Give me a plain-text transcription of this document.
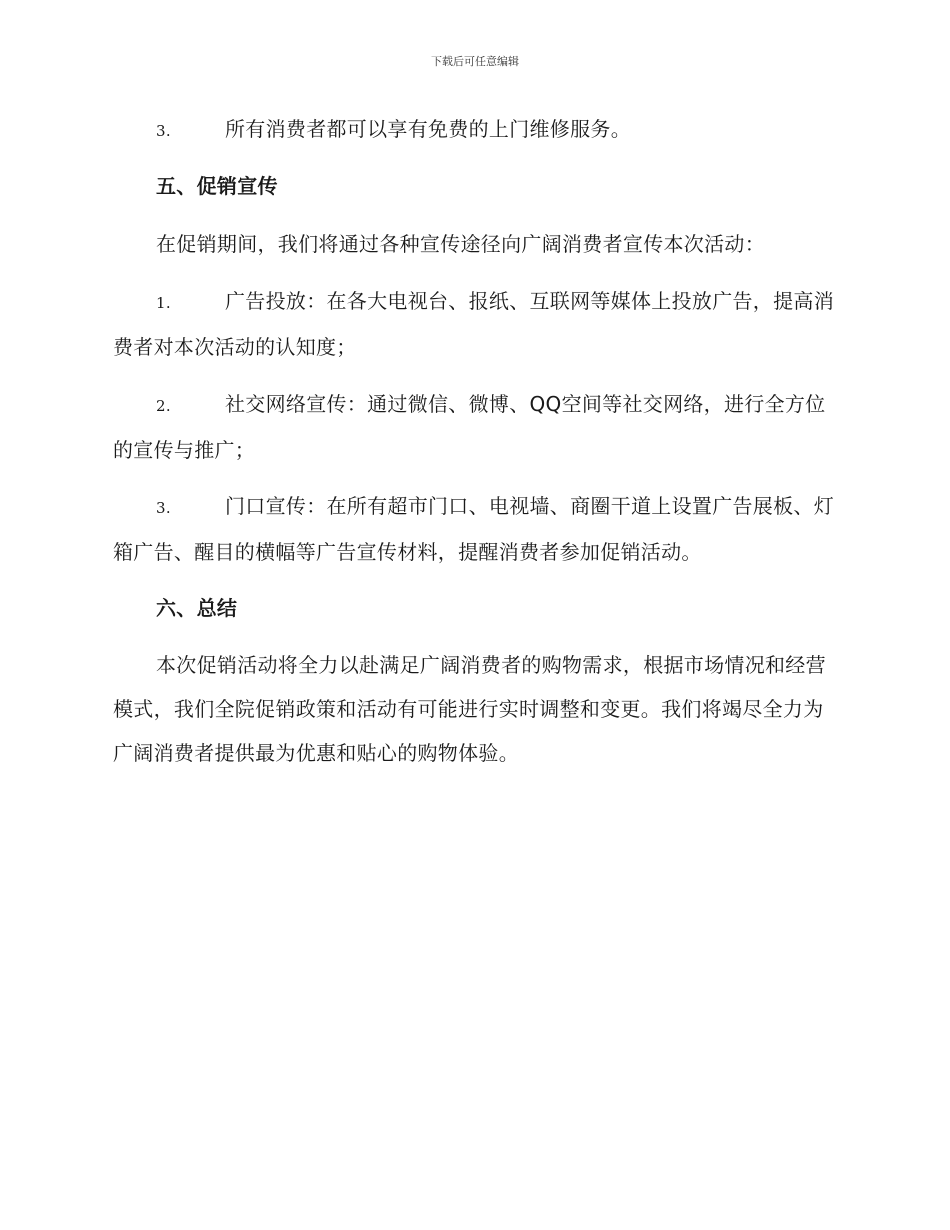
下载后可任意编辑
3.	所有消费者都可以享有免费的上门维修服务。
五、促销宣传
在促销期间，我们将通过各种宣传途径向广阔消费者宣传本次活动：
1.	广告投放：在各大电视台、报纸、互联网等媒体上投放广告，提高消费者对本次活动的认知度；
2.	社交网络宣传：通过微信、微博、QQ空间等社交网络，进行全方位的宣传与推广；
3.	门口宣传：在所有超市门口、电视墙、商圈干道上设置广告展板、灯箱广告、醒目的横幅等广告宣传材料，提醒消费者参加促销活动。
六、总结
本次促销活动将全力以赴满足广阔消费者的购物需求，根据市场情况和经营模式，我们全院促销政策和活动有可能进行实时调整和变更。我们将竭尽全力为广阔消费者提供最为优惠和贴心的购物体验。
